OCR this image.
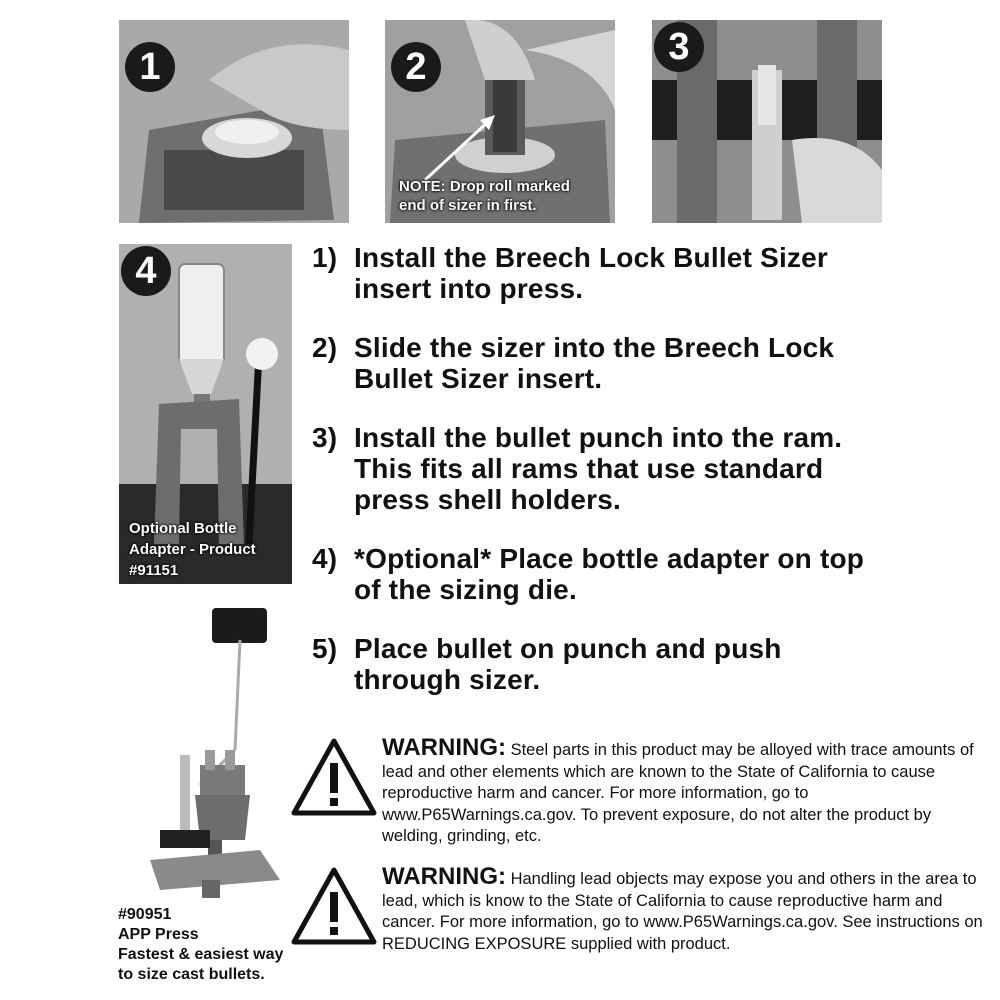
1	2
NOTE: Drop roll marked
end of sizer in first.
3
4
Optional Bottle
Adapter - Product
#91151
1) Install the Breech Lock Bullet Sizer insert into press.
2) Slide the sizer into the Breech Lock Bullet Sizer insert.
3) Install the bullet punch into the ram. This fits all rams that use standard press shell holders.
4) *Optional* Place bottle adapter on top of the sizing die.
5) Place bullet on punch and push through sizer.
#90951
APP Press
Fastest & easiest way
to size cast bullets.
WARNING: Steel parts in this product may be alloyed with trace amounts of lead and other elements which are known to the State of California to cause reproductive harm and cancer. For more information, go to www.P65Warnings.ca.gov. To prevent exposure, do not alter the product by welding, grinding, etc.
WARNING: Handling lead objects may expose you and others in the area to lead, which is know to the State of California to cause reproductive harm and cancer. For more information, go to www.P65Warnings.ca.gov. See instructions on REDUCING EXPOSURE supplied with product.
